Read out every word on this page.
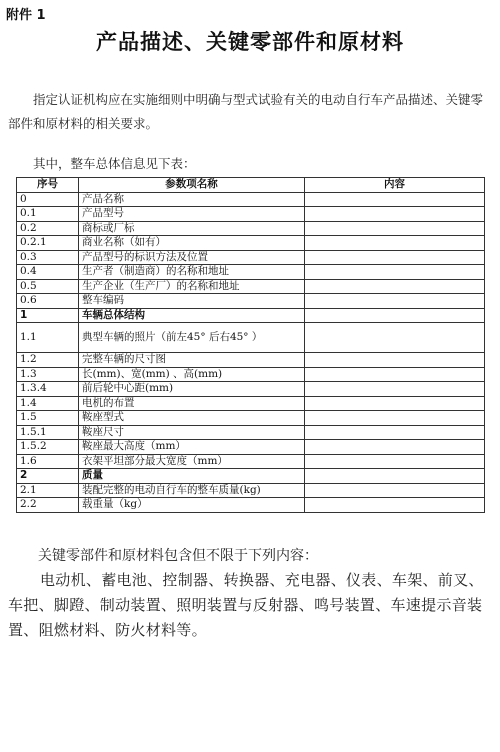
附件 1
产品描述、关键零部件和原材料
指定认证机构应在实施细则中明确与型式试验有关的电动自行车产品描述、关键零部件和原材料的相关要求。
其中，整车总体信息见下表：
序号	参数项名称	内容
0	产品名称	
0.1	产品型号	
0.2	商标或厂标	
0.2.1	商业名称（如有）	
0.3	产品型号的标识方法及位置	
0.4	生产者（制造商）的名称和地址	
0.5	生产企业（生产厂）的名称和地址	
0.6	整车编码	
1	车辆总体结构	
1.1	典型车辆的照片（前左45° 后右45° ）	
1.2	完整车辆的尺寸图	
1.3	长(mm)、宽(mm) 、高(mm)	
1.3.4	前后轮中心距(mm)	
1.4	电机的布置	
1.5	鞍座型式	
1.5.1	鞍座尺寸	
1.5.2	鞍座最大高度（mm）	
1.6	衣架平坦部分最大宽度（mm）	
2	质量	
2.1	装配完整的电动自行车的整车质量(kg)	
2.2	载重量（kg）	
关键零部件和原材料包含但不限于下列内容：
电动机、蓄电池、控制器、转换器、充电器、仪表、车架、前叉、车把、脚蹬、制动装置、照明装置与反射器、鸣号装置、车速提示音装置、阻燃材料、防火材料等。
